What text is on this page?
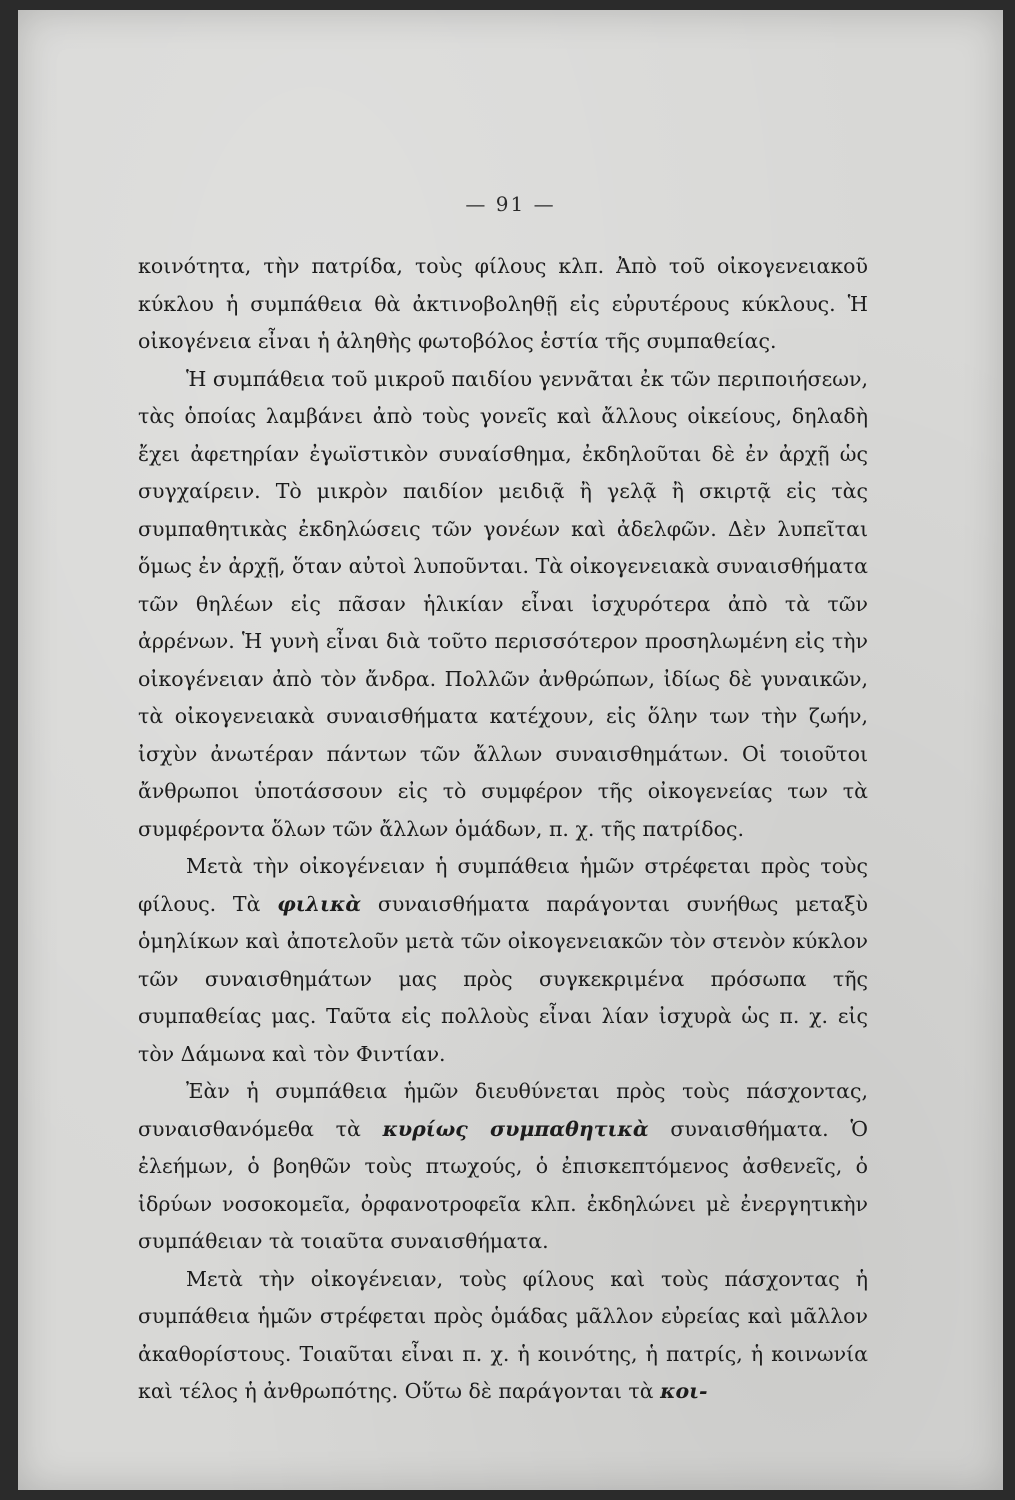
— 91 —

κοινότητα, τὴν πατρίδα, τοὺς φίλους κλπ. Ἀπὸ τοῦ οἰκογενειακοῦ κύκλου ἡ συμπάθεια θὰ ἀκτινοβοληθῇ εἰς εὐρυτέρους κύκλους. Ἡ οἰκογένεια εἶναι ἡ ἀληθὴς φωτοβόλος ἑστία τῆς συμπαθείας.

Ἡ συμπάθεια τοῦ μικροῦ παιδίου γεννᾶται ἐκ τῶν περιποιήσεων, τὰς ὁποίας λαμβάνει ἀπὸ τοὺς γονεῖς καὶ ἄλλους οἰκείους, δηλαδὴ ἔχει ἀφετηρίαν ἐγωϊστικὸν συναίσθημα, ἐκδηλοῦται δὲ ἐν ἀρχῇ ὡς συγχαίρειν. Τὸ μικρὸν παιδίον μειδιᾷ ἢ γελᾷ ἢ σκιρτᾷ εἰς τὰς συμπαθητικὰς ἐκδηλώσεις τῶν γονέων καὶ ἀδελφῶν. Δὲν λυπεῖται ὅμως ἐν ἀρχῇ, ὅταν αὐτοὶ λυποῦνται. Τὰ οἰκογενειακὰ συναισθήματα τῶν θηλέων εἰς πᾶσαν ἡλικίαν εἶναι ἰσχυρότερα ἀπὸ τὰ τῶν ἀρρένων. Ἡ γυνὴ εἶναι διὰ τοῦτο περισσότερον προσηλωμένη εἰς τὴν οἰκογένειαν ἀπὸ τὸν ἄνδρα. Πολλῶν ἀνθρώπων, ἰδίως δὲ γυναικῶν, τὰ οἰκογενειακὰ συναισθήματα κατέχουν, εἰς ὅλην των τὴν ζωήν, ἰσχὺν ἀνωτέραν πάντων τῶν ἄλλων συναισθημάτων. Οἱ τοιοῦτοι ἄνθρωποι ὑποτάσσουν εἰς τὸ συμφέρον τῆς οἰκογενείας των τὰ συμφέροντα ὅλων τῶν ἄλλων ὁμάδων, π. χ. τῆς πατρίδος.

Μετὰ τὴν οἰκογένειαν ἡ συμπάθεια ἡμῶν στρέφεται πρὸς τοὺς φίλους. Τὰ φιλικὰ συναισθήματα παράγονται συνήθως μεταξὺ ὁμηλίκων καὶ ἀποτελοῦν μετὰ τῶν οἰκογενειακῶν τὸν στενὸν κύκλον τῶν συναισθημάτων μας πρὸς συγκεκριμένα πρόσωπα τῆς συμπαθείας μας. Ταῦτα εἰς πολλοὺς εἶναι λίαν ἰσχυρὰ ὡς π. χ. εἰς τὸν Δάμωνα καὶ τὸν Φιντίαν.

Ἐὰν ἡ συμπάθεια ἡμῶν διευθύνεται πρὸς τοὺς πάσχοντας, συναισθανόμεθα τὰ κυρίως συμπαθητικὰ συναισθήματα. Ὁ ἐλεήμων, ὁ βοηθῶν τοὺς πτωχούς, ὁ ἐπισκεπτόμενος ἀσθενεῖς, ὁ ἱδρύων νοσοκομεῖα, ὀρφανοτροφεῖα κλπ. ἐκδηλώνει μὲ ἐνεργητικὴν συμπάθειαν τὰ τοιαῦτα συναισθήματα.

Μετὰ τὴν οἰκογένειαν, τοὺς φίλους καὶ τοὺς πάσχοντας ἡ συμπάθεια ἡμῶν στρέφεται πρὸς ὁμάδας μᾶλλον εὐρείας καὶ μᾶλλον ἀκαθορίστους. Τοιαῦται εἶναι π. χ. ἡ κοινότης, ἡ πατρίς, ἡ κοινωνία καὶ τέλος ἡ ἀνθρωπότης. Οὕτω δὲ παράγονται τὰ κοι-
